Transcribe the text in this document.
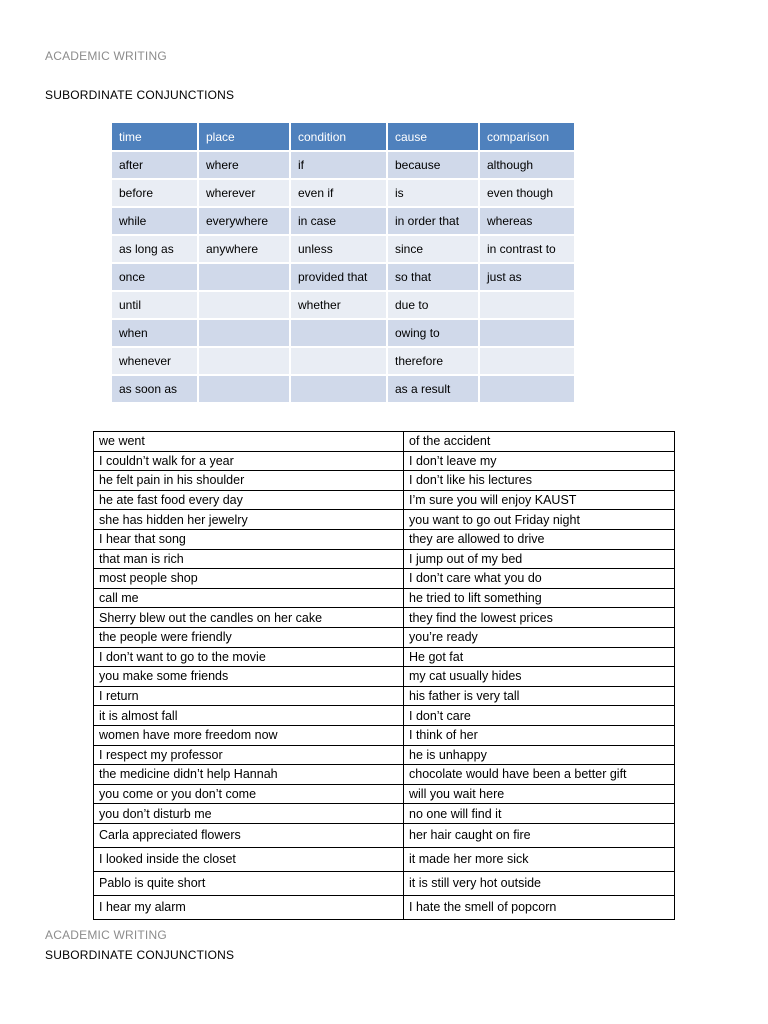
ACADEMIC WRITING
SUBORDINATE CONJUNCTIONS
time	place	condition	cause	comparison
after	where	if	because	although
before	wherever	even if	is	even though
while	everywhere	in case	in order that	whereas
as long as	anywhere	unless	since	in contrast to
once		provided that	so that	just as
until		whether	due to	
when			owing to	
whenever			therefore	
as soon as			as a result	
we went	of the accident
I couldn’t walk for a year	I don’t leave my
he felt pain in his shoulder	I don’t like his lectures
he ate fast food every day	I’m sure you will enjoy KAUST
she has hidden her jewelry	you want to go out Friday night
I hear that song	they are allowed to drive
that man is rich	I jump out of my bed
most people shop	I don’t care what you do
call me	he tried to lift something
Sherry blew out the candles on her cake	they find the lowest prices
the people were friendly	you’re ready
I don’t want to go to the movie	He got fat
you make some friends	my cat usually hides
I return	his father is very tall
it is almost fall	I don’t care
women have more freedom now	I think of her
I respect my professor	he is unhappy
the medicine didn’t help Hannah	chocolate would have been a better gift
you come or you don’t come	will you wait here
you don’t disturb me	no one will find it
Carla appreciated flowers	her hair caught on fire
I looked inside the closet	it made her more sick
Pablo is quite short	it is still very hot outside
I hear my alarm	I hate the smell of popcorn
ACADEMIC WRITING
SUBORDINATE CONJUNCTIONS
